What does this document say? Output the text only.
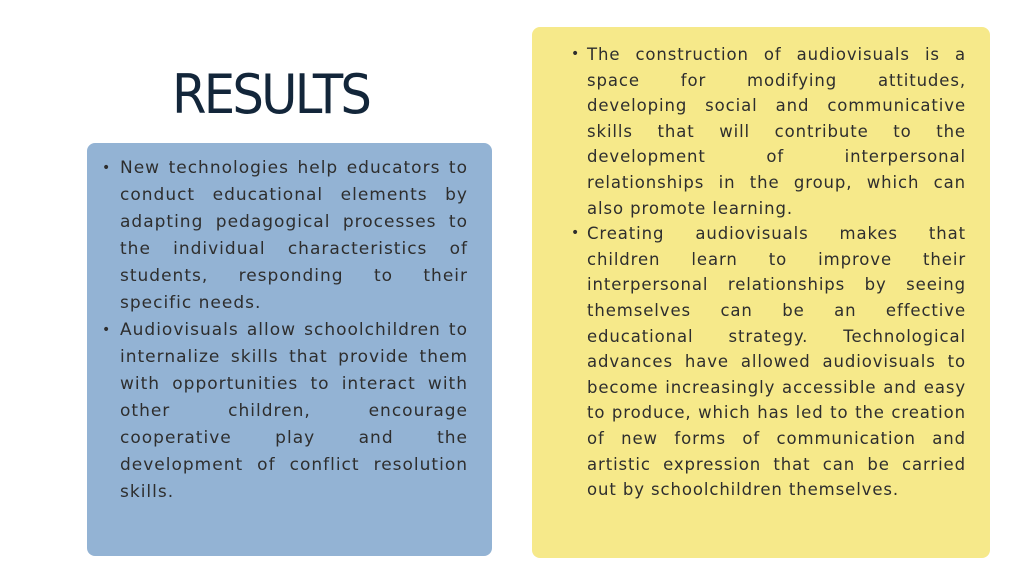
RESULTS
• New technologies help educators to conduct educational elements by adapting pedagogical processes to the individual characteristics of students, responding to their specific needs.
• Audiovisuals allow schoolchildren to internalize skills that provide them with opportunities to interact with other children, encourage cooperative play and the development of conflict resolution skills.
• The construction of audiovisuals is a space for modifying attitudes, developing social and communicative skills that will contribute to the development of interpersonal relationships in the group, which can also promote learning.
• Creating audiovisuals makes that children learn to improve their interpersonal relationships by seeing themselves can be an effective educational strategy. Technological advances have allowed audiovisuals to become increasingly accessible and easy to produce, which has led to the creation of new forms of communication and artistic expression that can be carried out by schoolchildren themselves.
